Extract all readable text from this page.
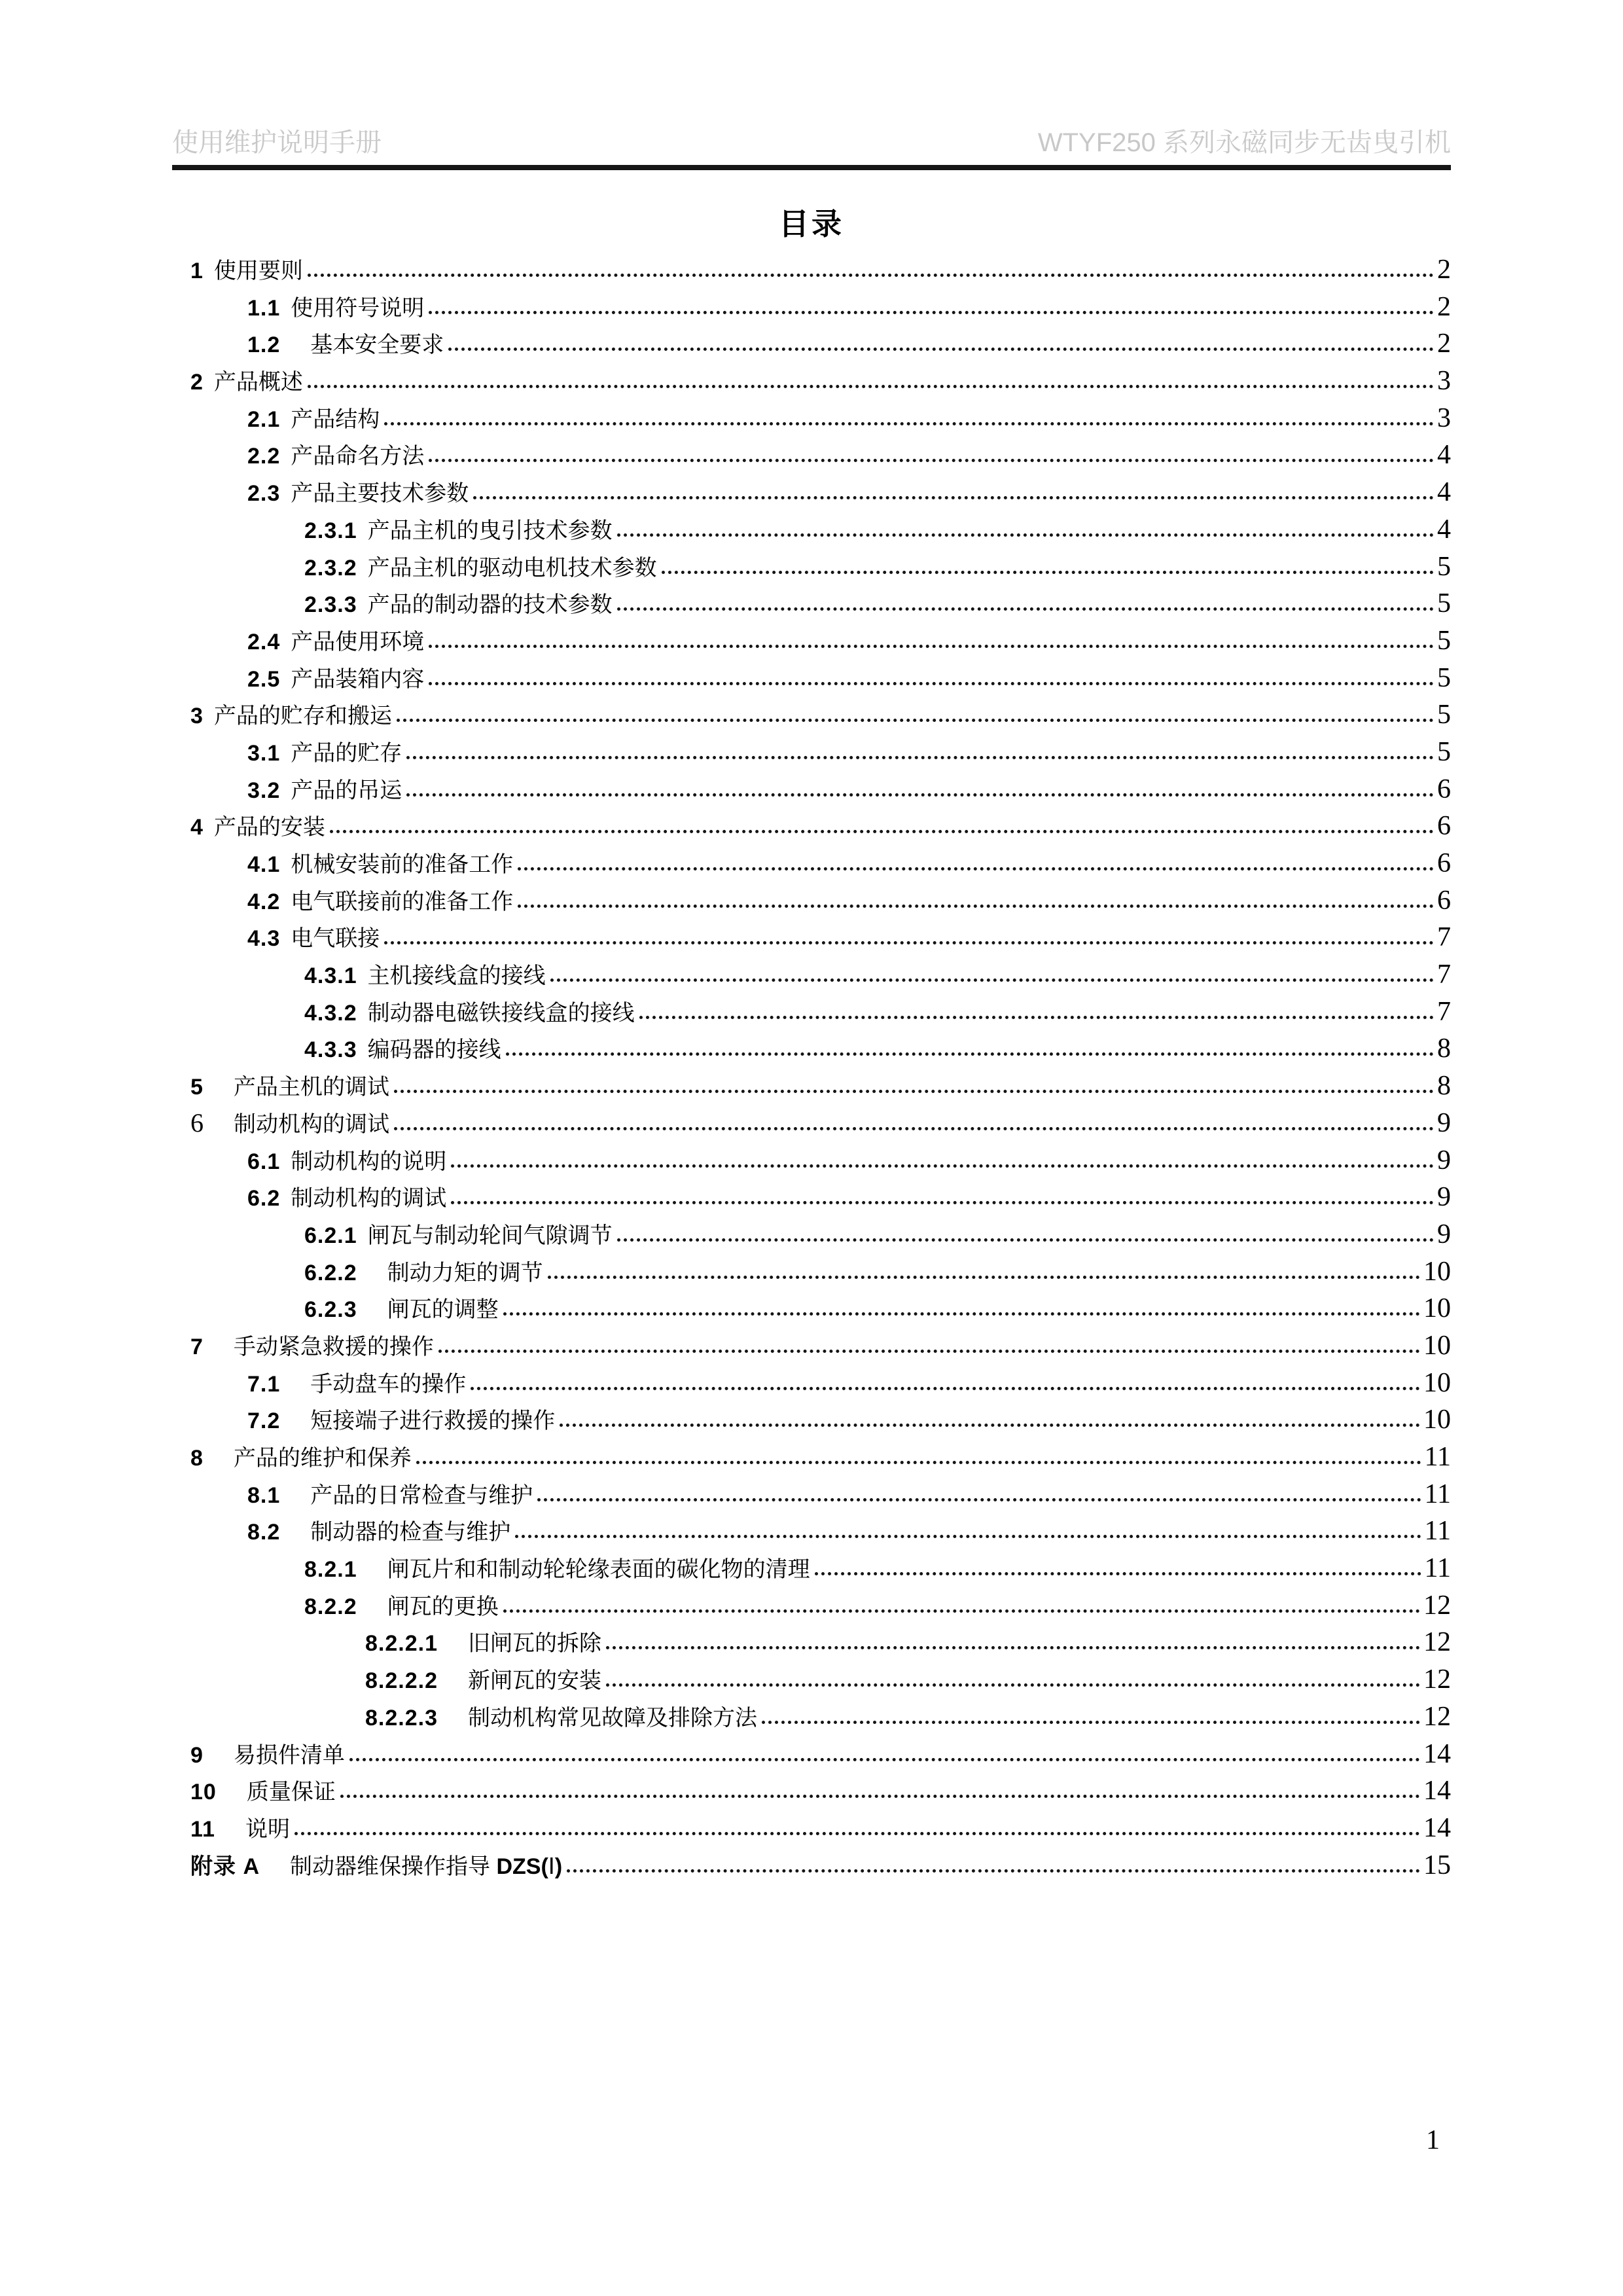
使用维护说明手册	WTYF250 系列永磁同步无齿曳引机
目录
1 使用要则	2
1.1 使用符号说明	2
1.2 基本安全要求	2
2 产品概述	3
2.1 产品结构	3
2.2 产品命名方法	4
2.3 产品主要技术参数	4
2.3.1 产品主机的曳引技术参数	4
2.3.2 产品主机的驱动电机技术参数	5
2.3.3 产品的制动器的技术参数	5
2.4 产品使用环境	5
2.5 产品装箱内容	5
3 产品的贮存和搬运	5
3.1 产品的贮存	5
3.2 产品的吊运	6
4 产品的安装	6
4.1 机械安装前的准备工作	6
4.2 电气联接前的准备工作	6
4.3 电气联接	7
4.3.1 主机接线盒的接线	7
4.3.2 制动器电磁铁接线盒的接线	7
4.3.3 编码器的接线	8
5 产品主机的调试	8
6 制动机构的调试	9
6.1 制动机构的说明	9
6.2 制动机构的调试	9
6.2.1 闸瓦与制动轮间气隙调节	9
6.2.2 制动力矩的调节	10
6.2.3 闸瓦的调整	10
7 手动紧急救援的操作	10
7.1 手动盘车的操作	10
7.2 短接端子进行救援的操作	10
8 产品的维护和保养	11
8.1 产品的日常检查与维护	11
8.2 制动器的检查与维护	11
8.2.1 闸瓦片和和制动轮轮缘表面的碳化物的清理	11
8.2.2 闸瓦的更换	12
8.2.2.1 旧闸瓦的拆除	12
8.2.2.2 新闸瓦的安装	12
8.2.2.3 制动机构常见故障及排除方法	12
9 易损件清单	14
10 质量保证	14
11 说明	14
附录 A 制动器维保操作指导 DZS(Ⅰ)	15
1
